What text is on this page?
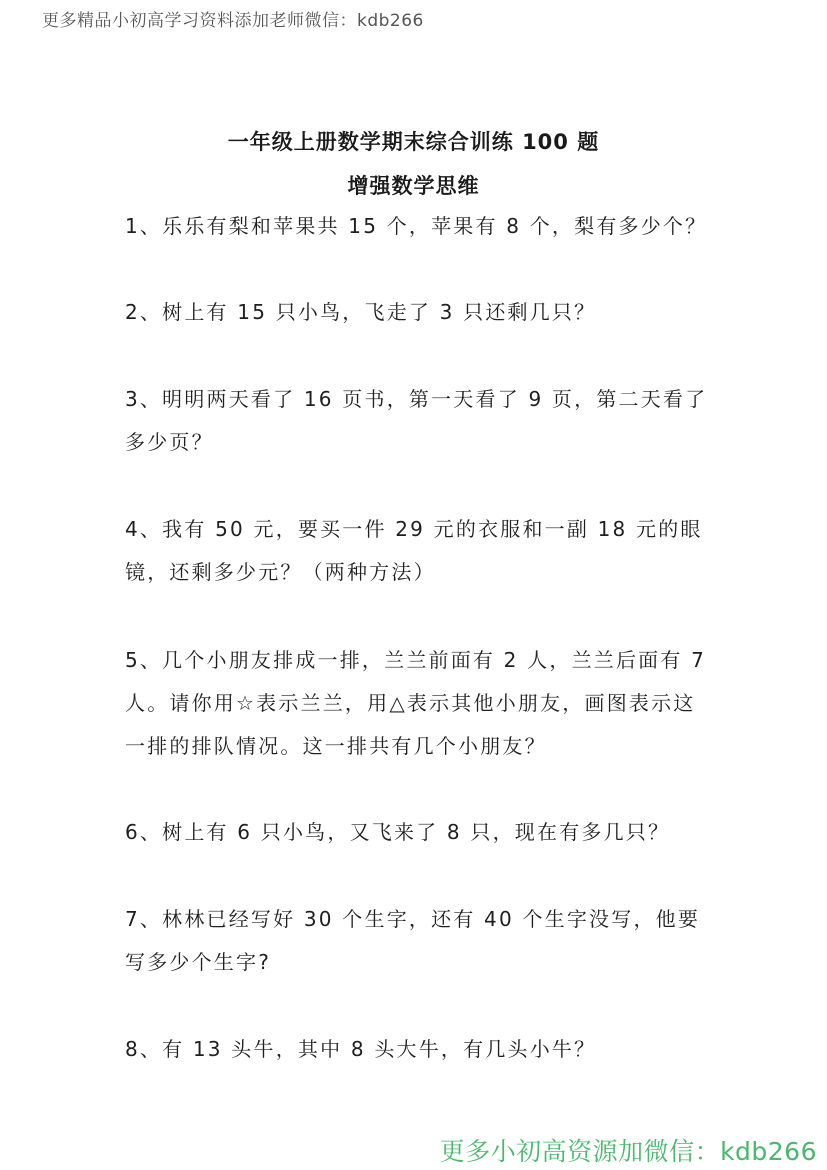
更多精品小初高学习资料添加老师微信：kdb266
一年级上册数学期末综合训练 100 题
增强数学思维
1、乐乐有梨和苹果共 15 个，苹果有 8 个，梨有多少个？
2、树上有 15 只小鸟，飞走了 3 只还剩几只？
3、明明两天看了 16 页书，第一天看了 9 页，第二天看了多少页？
4、我有 50 元，要买一件 29 元的衣服和一副 18 元的眼镜，还剩多少元？（两种方法）
5、几个小朋友排成一排，兰兰前面有 2 人，兰兰后面有 7 人。请你用☆表示兰兰，用△表示其他小朋友，画图表示这一排的排队情况。这一排共有几个小朋友？
6、树上有 6 只小鸟，又飞来了 8 只，现在有多几只？
7、林林已经写好 30 个生字，还有 40 个生字没写，他要写多少个生字?
8、有 13 头牛，其中 8 头大牛，有几头小牛？
更多小初高资源加微信：kdb266
